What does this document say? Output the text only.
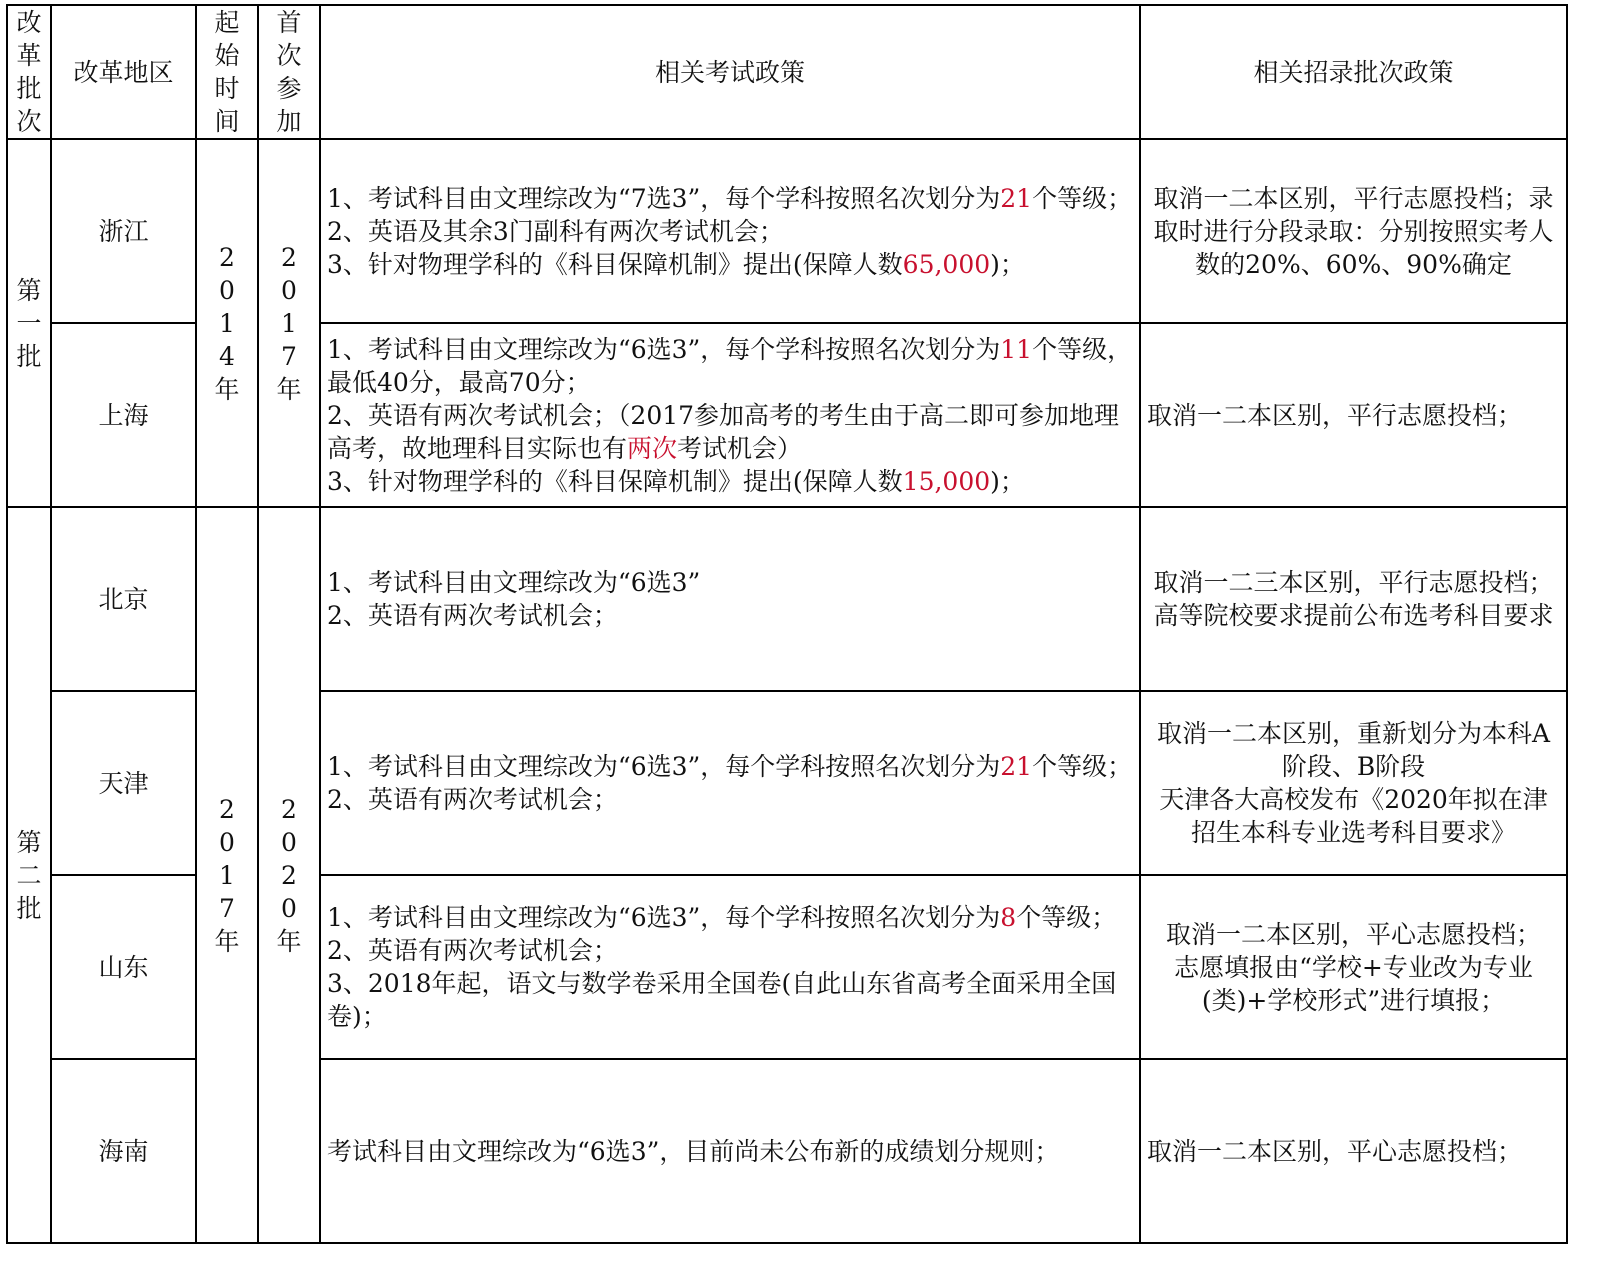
改革批次	改革地区	起始时间	首次参加	相关考试政策	相关招录批次政策

第一批	浙江	2014年	2017年	1、考试科目由文理综改为“7选3”，每个学科按照名次划分为21个等级；
2、英语及其余3门副科有两次考试机会；
3、针对物理学科的《科目保障机制》提出(保障人数65,000)；	取消一二本区别，平行志愿投档；录取时进行分段录取：分别按照实考人数的20%、60%、90%确定
	上海			1、考试科目由文理综改为“6选3”，每个学科按照名次划分为11个等级，最低40分，最高70分；
2、英语有两次考试机会；（2017参加高考的考生由于高二即可参加地理高考，故地理科目实际也有两次考试机会）
3、针对物理学科的《科目保障机制》提出(保障人数15,000)；	取消一二本区别，平行志愿投档；

第二批	北京	2017年	2020年	1、考试科目由文理综改为“6选3”
2、英语有两次考试机会；	取消一二三本区别，平行志愿投档；
高等院校要求提前公布选考科目要求

	天津			1、考试科目由文理综改为“6选3”，每个学科按照名次划分为21个等级；
2、英语有两次考试机会；	取消一二本区别，重新划分为本科A阶段、B阶段
天津各大高校发布《2020年拟在津招生本科专业选考科目要求》

	山东			1、考试科目由文理综改为“6选3”，每个学科按照名次划分为8个等级；
2、英语有两次考试机会；
3、2018年起，语文与数学卷采用全国卷(自此山东省高考全面采用全国卷)；	取消一二本区别，平心志愿投档；
志愿填报由“学校+专业改为专业(类)+学校形式”进行填报；

	海南			考试科目由文理综改为“6选3”，目前尚未公布新的成绩划分规则；	取消一二本区别，平心志愿投档；
